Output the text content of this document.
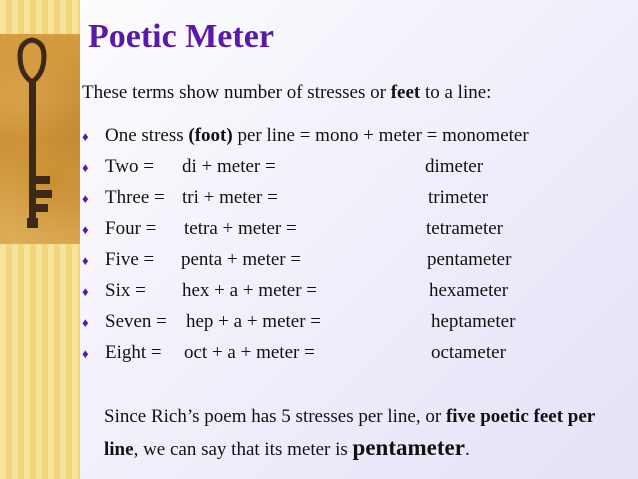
Poetic Meter
These terms show number of stresses or feet to a line:
♦ One stress (foot) per line = mono + meter = monometer
♦ Two = di + meter =	dimeter
♦ Three = tri + meter =	trimeter
♦ Four = tetra + meter =	tetrameter
♦ Five = penta + meter =	pentameter
♦ Six = hex + a + meter =	hexameter
♦ Seven = hep + a + meter =	heptameter
♦ Eight = oct + a + meter =	octameter
Since Rich’s poem has 5 stresses per line, or five poetic feet per line, we can say that its meter is pentameter.
